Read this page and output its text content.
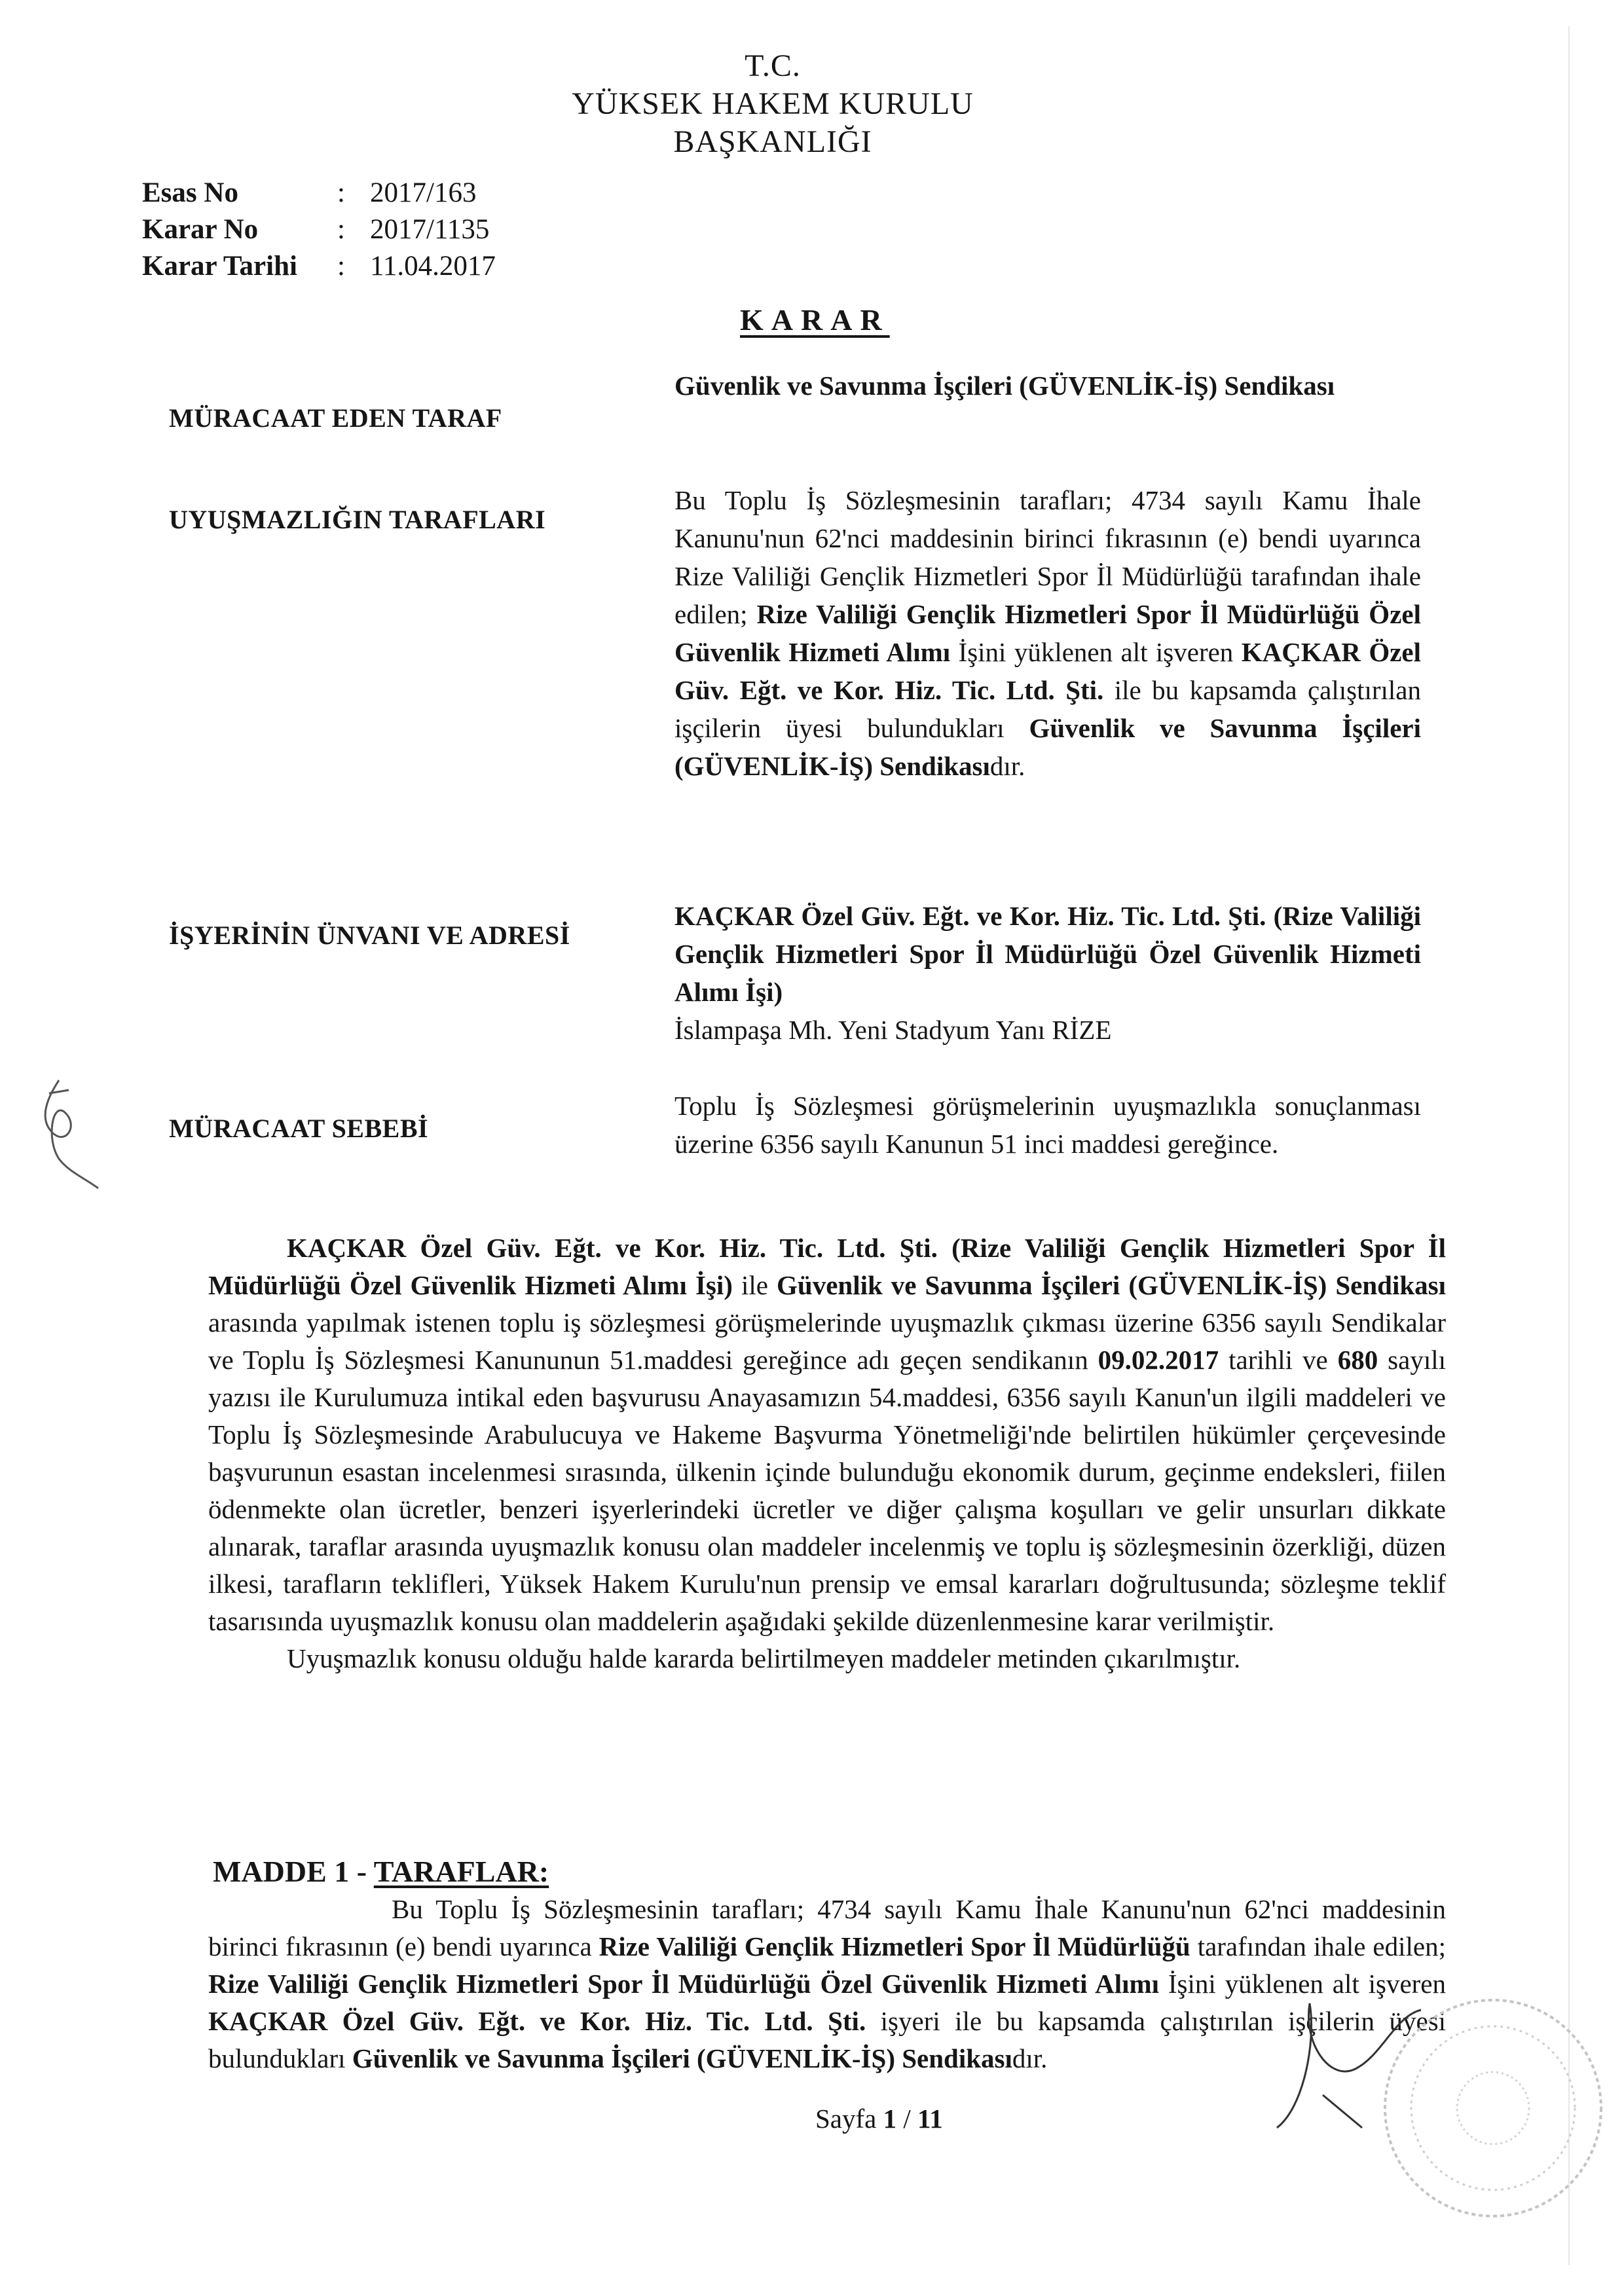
T.C.
YÜKSEK HAKEM KURULU
BAŞKANLIĞI
Esas No	: 2017/163
Karar No	: 2017/1135
Karar Tarihi : 11.04.2017
KARAR
MÜRACAAT EDEN TARAF
Güvenlik ve Savunma İşçileri (GÜVENLİK-İŞ) Sendikası
UYUŞMAZLIĞIN TARAFLARI
Bu Toplu İş Sözleşmesinin tarafları; 4734 sayılı Kamu İhale Kanunu'nun 62'nci maddesinin birinci fıkrasının (e) bendi uyarınca Rize Valiliği Gençlik Hizmetleri Spor İl Müdürlüğü tarafından ihale edilen; Rize Valiliği Gençlik Hizmetleri Spor İl Müdürlüğü Özel Güvenlik Hizmeti Alımı İşini yüklenen alt işveren KAÇKAR Özel Güv. Eğt. ve Kor. Hiz. Tic. Ltd. Şti. ile bu kapsamda çalıştırılan işçilerin üyesi bulundukları Güvenlik ve Savunma İşçileri (GÜVENLİK-İŞ) Sendikasıdır.
İŞYERİNİN ÜNVANI VE ADRESİ
KAÇKAR Özel Güv. Eğt. ve Kor. Hiz. Tic. Ltd. Şti. (Rize Valiliği Gençlik Hizmetleri Spor İl Müdürlüğü Özel Güvenlik Hizmeti Alımı İşi)
İslampaşa Mh. Yeni Stadyum Yanı RİZE
MÜRACAAT SEBEBİ
Toplu İş Sözleşmesi görüşmelerinin uyuşmazlıkla sonuçlanması üzerine 6356 sayılı Kanunun 51 inci maddesi gereğince.
KAÇKAR Özel Güv. Eğt. ve Kor. Hiz. Tic. Ltd. Şti. (Rize Valiliği Gençlik Hizmetleri Spor İl Müdürlüğü Özel Güvenlik Hizmeti Alımı İşi) ile Güvenlik ve Savunma İşçileri (GÜVENLİK-İŞ) Sendikası arasında yapılmak istenen toplu iş sözleşmesi görüşmelerinde uyuşmazlık çıkması üzerine 6356 sayılı Sendikalar ve Toplu İş Sözleşmesi Kanununun 51.maddesi gereğince adı geçen sendikanın 09.02.2017 tarihli ve 680 sayılı yazısı ile Kurulumuza intikal eden başvurusu Anayasamızın 54.maddesi, 6356 sayılı Kanun'un ilgili maddeleri ve Toplu İş Sözleşmesinde Arabulucuya ve Hakeme Başvurma Yönetmeliği'nde belirtilen hükümler çerçevesinde başvurunun esastan incelenmesi sırasında, ülkenin içinde bulunduğu ekonomik durum, geçinme endeksleri, fiilen ödenmekte olan ücretler, benzeri işyerlerindeki ücretler ve diğer çalışma koşulları ve gelir unsurları dikkate alınarak, taraflar arasında uyuşmazlık konusu olan maddeler incelenmiş ve toplu iş sözleşmesinin özerkliği, düzen ilkesi, tarafların teklifleri, Yüksek Hakem Kurulu'nun prensip ve emsal kararları doğrultusunda; sözleşme teklif tasarısında uyuşmazlık konusu olan maddelerin aşağıdaki şekilde düzenlenmesine karar verilmiştir.
Uyuşmazlık konusu olduğu halde kararda belirtilmeyen maddeler metinden çıkarılmıştır.
MADDE 1 - TARAFLAR:
Bu Toplu İş Sözleşmesinin tarafları; 4734 sayılı Kamu İhale Kanunu'nun 62'nci maddesinin birinci fıkrasının (e) bendi uyarınca Rize Valiliği Gençlik Hizmetleri Spor İl Müdürlüğü tarafından ihale edilen; Rize Valiliği Gençlik Hizmetleri Spor İl Müdürlüğü Özel Güvenlik Hizmeti Alımı İşini yüklenen alt işveren KAÇKAR Özel Güv. Eğt. ve Kor. Hiz. Tic. Ltd. Şti. işyeri ile bu kapsamda çalıştırılan işçilerin üyesi bulundukları Güvenlik ve Savunma İşçileri (GÜVENLİK-İŞ) Sendikasıdır.
Sayfa 1 / 11
